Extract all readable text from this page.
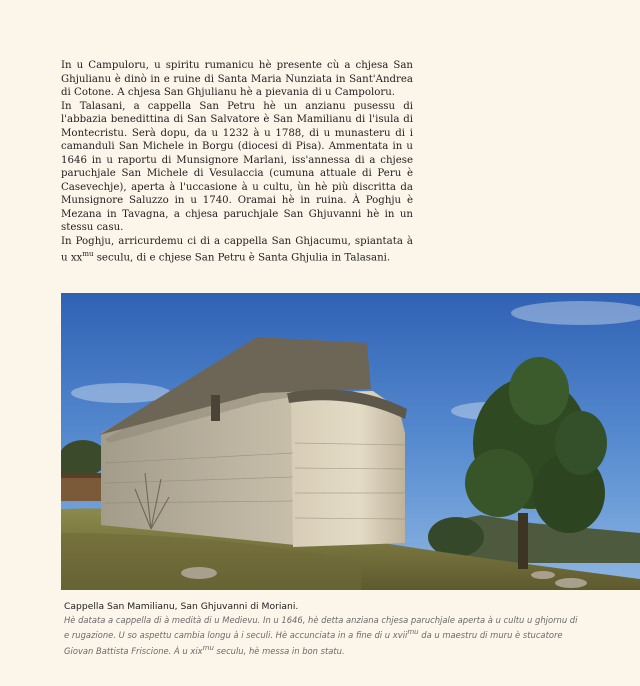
In u Campuloru, u spiritu rumanicu hè presente cù a chjesa San Ghjulianu è dinò in e ruine di Santa Maria Nunziata in Sant'Andrea di Cotone. A chjesa San Ghjulianu hè a pievania di u Campoloru.

In Talasani, a cappella San Petru hè un anzianu pusessu di l'abbazia benedittina di San Salvatore è San Mamilianu di l'isula di Montecristu. Serà dopu, da u 1232 à u 1788, di u munasteru di i camanduli San Michele in Borgu (diocesi di Pisa). Ammentata in u 1646 in u raportu di Munsignore Marlani, iss'annessa di a chjese paruchjale San Michele di Vesulaccia (cumuna attuale di Peru è Casevechje), aperta à l'uccasione à u cultu, ùn hè più discritta da Munsignore Saluzzo in u 1740. Oramai hè in ruina. À Poghju è Mezana in Tavagna, a chjesa paruchjale San Ghjuvanni hè in un stessu casu.

In Poghju, arricurdemu ci di a cappella San Ghjacumu, spiantata à u $xx^{mu}$ seculu, di e chjese San Petru è Santa Ghjulia in Talasani.

Cappella San Mamilianu, San Ghjuvanni di Moriani.

Hè datata a cappella di à medità di u Medievu. In u 1646, hè detta anziana chjesa paruchjale aperta à u cultu u ghjornu di e rugazione. U so aspettu cambia longu à i seculi. Hè accunciata in a fine di u xvii$^{mu}$ da u maestru di muru è stucatore Giovan Battista Friscione. À u xix$^{mu}$ seculu, hè messa in bon statu.
